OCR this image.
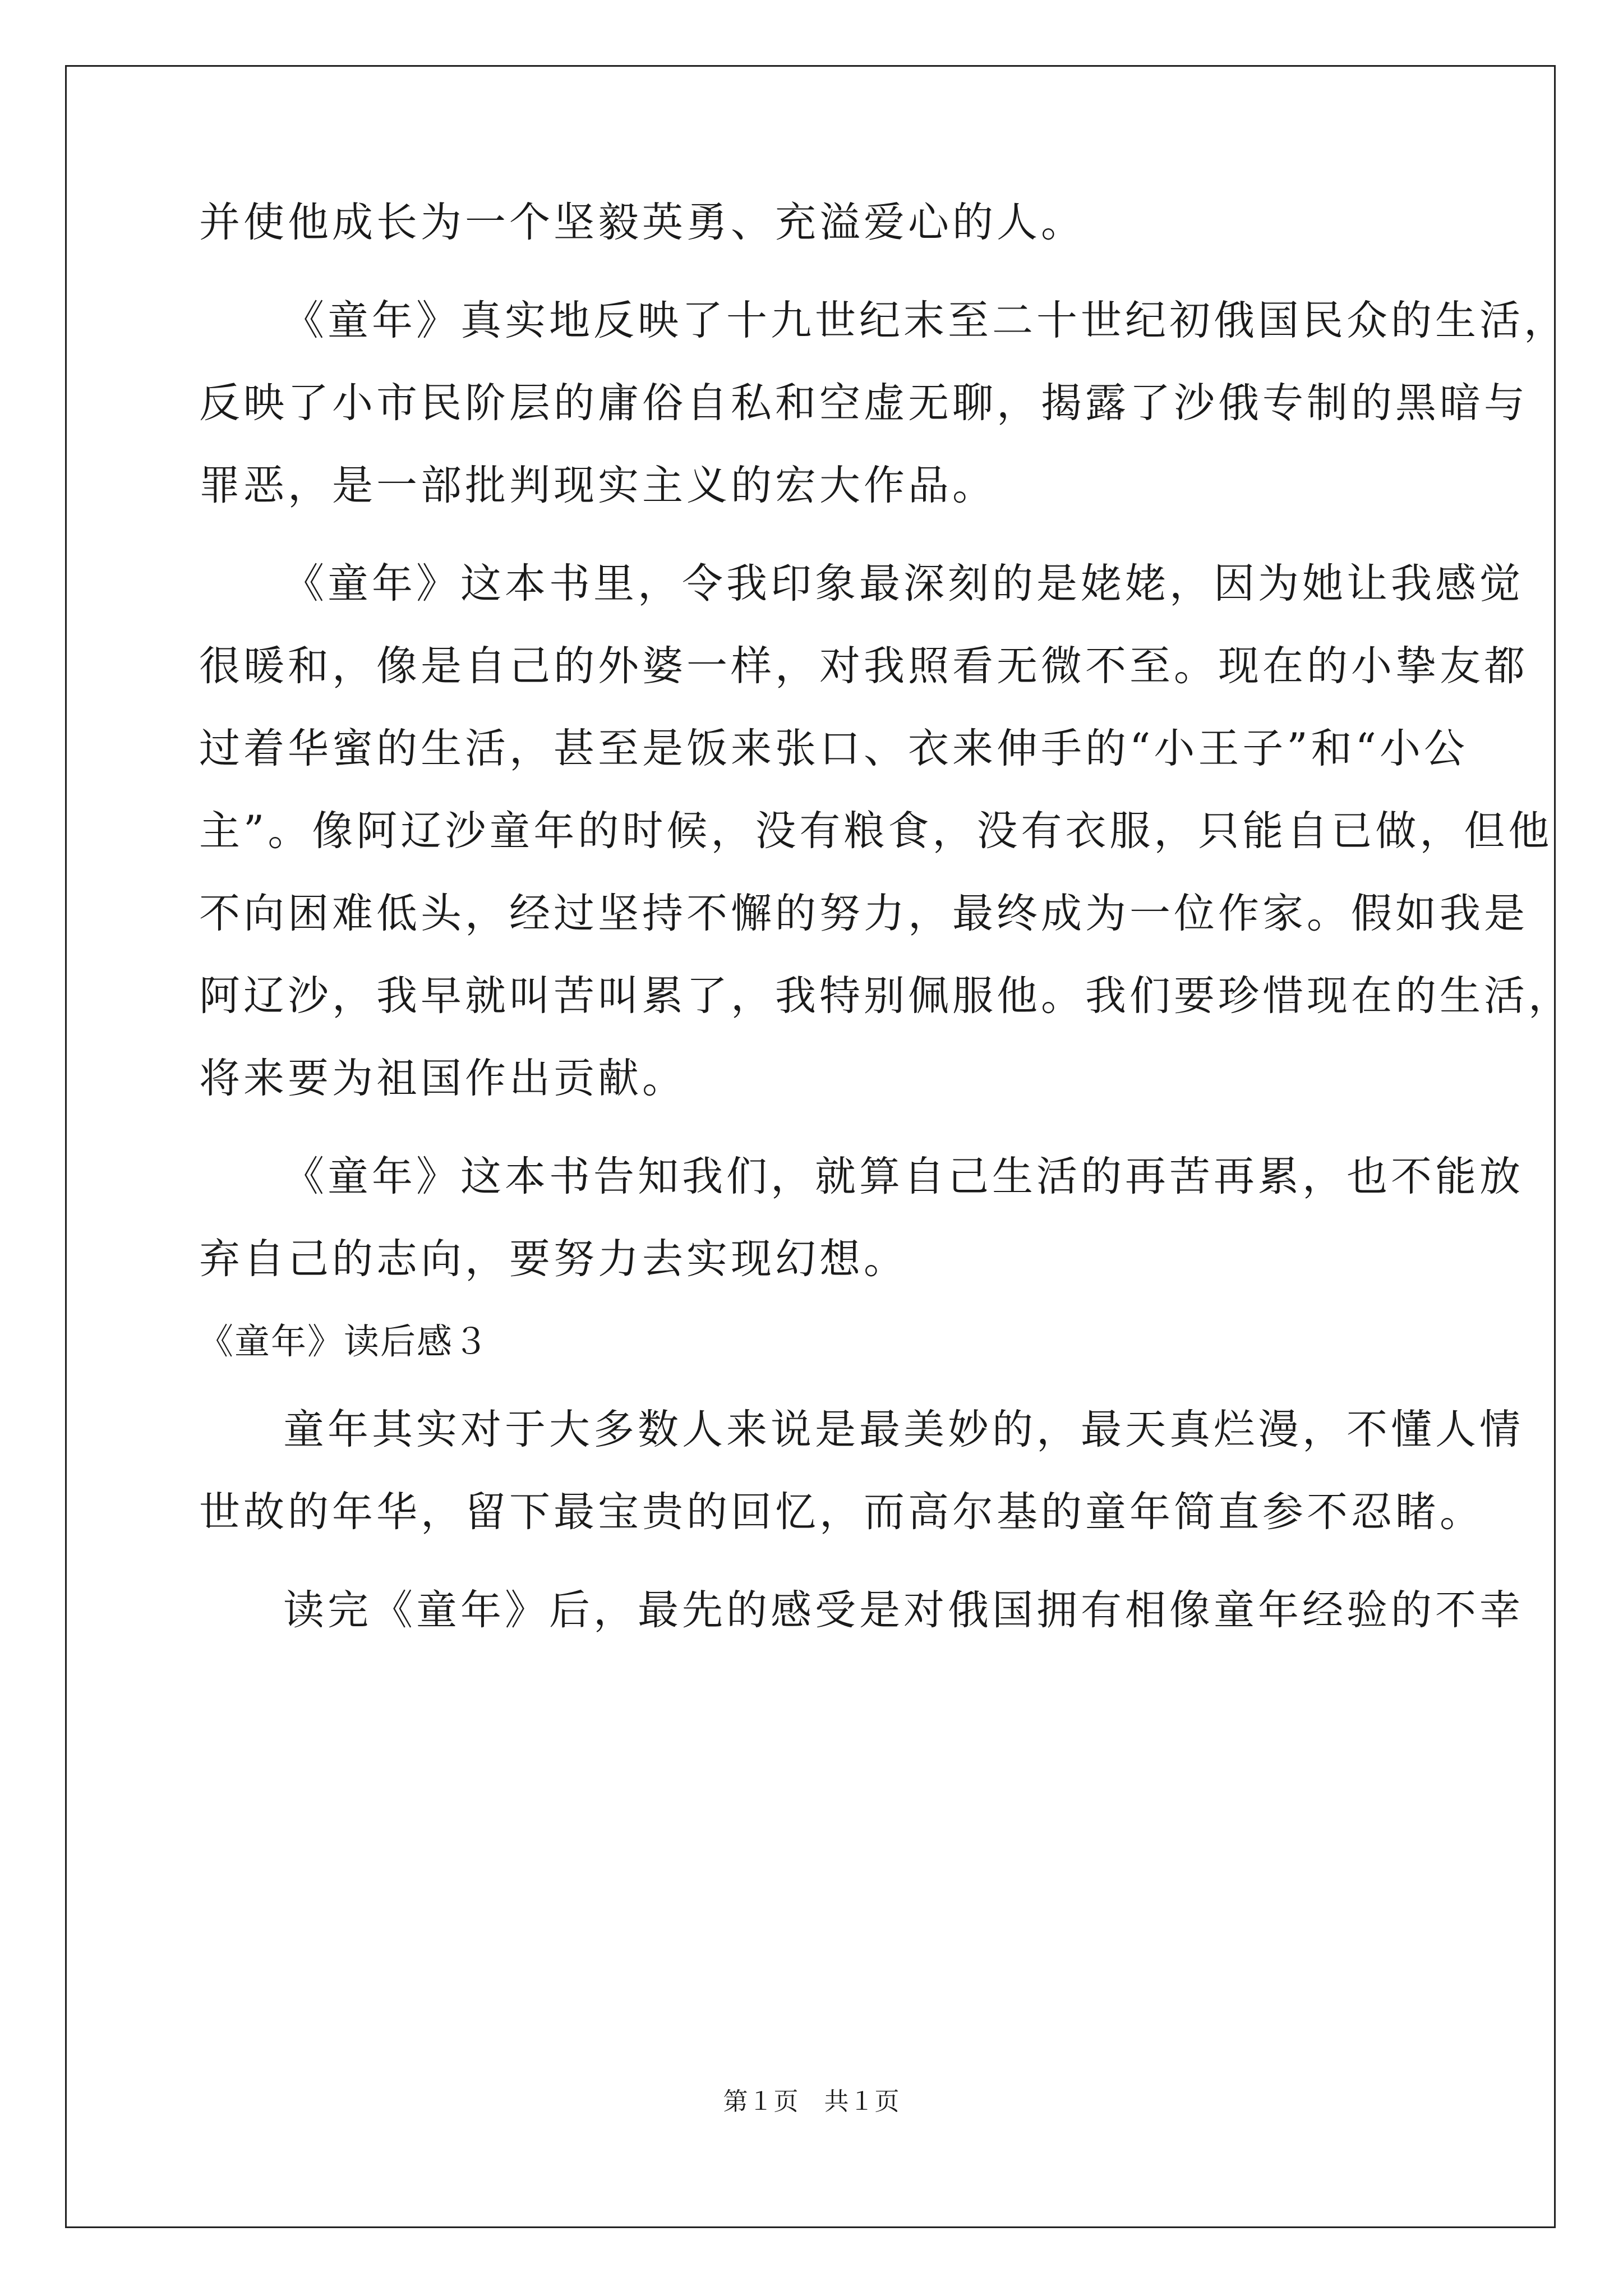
并使他成长为一个坚毅英勇、充溢爱心的人。
《童年》真实地反映了十九世纪末至二十世纪初俄国民众的生活，
反映了小市民阶层的庸俗自私和空虚无聊，揭露了沙俄专制的黑暗与
罪恶，是一部批判现实主义的宏大作品。
《童年》这本书里，令我印象最深刻的是姥姥，因为她让我感觉
很暖和，像是自己的外婆一样，对我照看无微不至。现在的小挚友都
过着华蜜的生活，甚至是饭来张口、衣来伸手的“小王子”和“小公
主”。像阿辽沙童年的时候，没有粮食，没有衣服，只能自已做，但他
不向困难低头，经过坚持不懈的努力，最终成为一位作家。假如我是
阿辽沙，我早就叫苦叫累了，我特别佩服他。我们要珍惜现在的生活，
将来要为祖国作出贡献。
《童年》这本书告知我们，就算自己生活的再苦再累，也不能放
弃自己的志向，要努力去实现幻想。
《童年》读后感３
童年其实对于大多数人来说是最美妙的，最天真烂漫，不懂人情
世故的年华，留下最宝贵的回忆，而高尔基的童年简直参不忍睹。
读完《童年》后，最先的感受是对俄国拥有相像童年经验的不幸
第１页　共１页
